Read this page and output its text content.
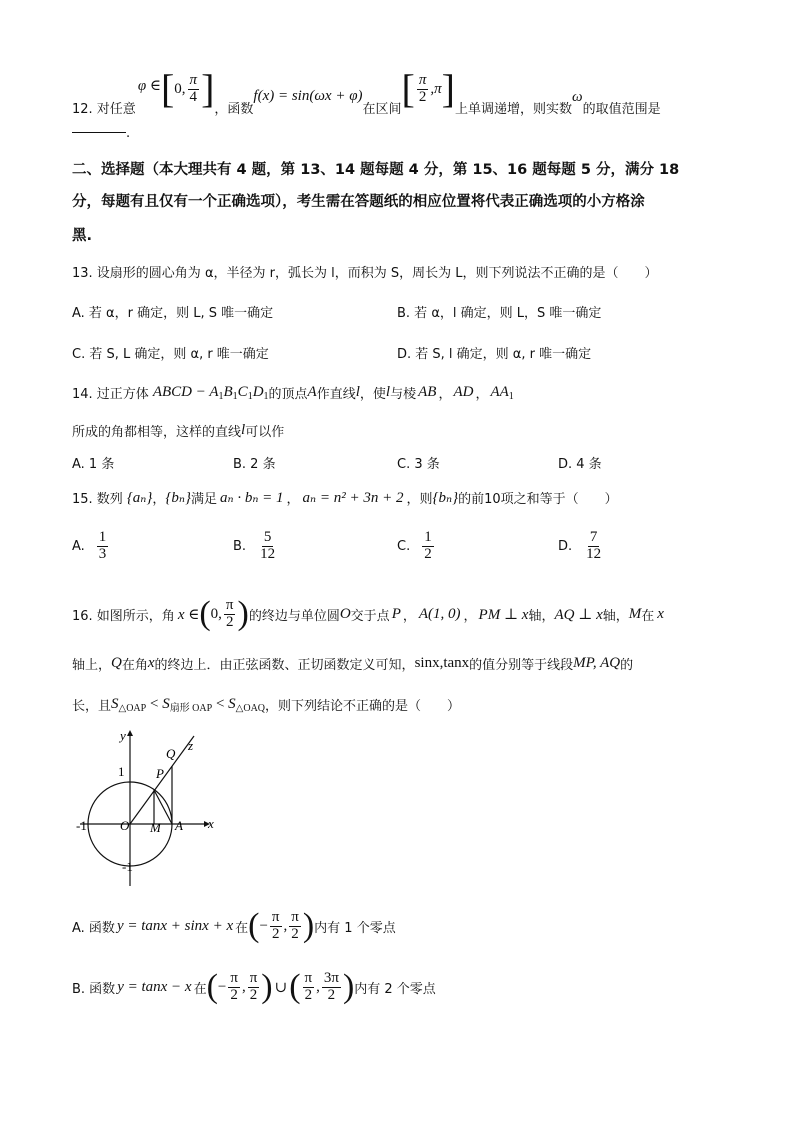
12. 对任意
φ ∈ [ 0, $\frac{\pi}{4}$ ] ，函数
f(x) = sin(ωx + φ)
在区间 [ $\frac{\pi}{2} ,\pi$ ] 上单调递增，则实数
ω
的取值范围是
.
二、选择题（本大理共有 4 题，第 13、14 题每题 4 分，第 15、16 题每题 5 分，满分 18
分，每题有且仅有一个正确选项），考生需在答题纸的相应位置将代表正确选项的小方格涂
黑.
13. 设扇形的圆心角为 α，半径为 r，弧长为 l，而积为 S，周长为 L，则下列说法不正确的是（　　）
A. 若 α，r 确定，则 L, S 唯一确定	B. 若 α，l 确定，则 L，S 唯一确定
C. 若 S, L 确定，则 α, r 唯一确定	D. 若 S, l 确定，则 α, r 唯一确定
14. 过正方体 ABCD − $A_1B_1C_1D_1$ 的顶点 A 作直线 l ，使 l 与棱 AB ， AD ， $AA_1$
所成的角都相等，这样的直线 l 可以作
A. 1 条	B. 2 条	C. 3 条	D. 4 条
15. 数列 {aₙ} ， {bₙ} 满足 aₙ · bₙ = 1 ， aₙ = n² + 3n + 2 ，则 {bₙ} 的前10项之和等于（　　）
A. $\frac{1}{3}$	B. $\frac{5}{12}$	C. $\frac{1}{2}$	D. $\frac{7}{12}$
16. 如图所示，角 x ∈ ( 0, $\frac{\pi}{2}$ ) 的终边与单位圆 O 交于点 P ， A(1, 0) ， PM ⊥ x 轴， AQ ⊥ x 轴， M 在 x
轴上， Q 在角 x 的终边上．由正弦函数、正切函数定义可知， sinx,tanx 的值分别等于线段 MP, AQ 的
长，且 $S_{\triangle OAP} < S_{扇形 OAP} < S_{\triangle OAQ}$ ，则下列结论不正确的是（　　）
y
x
z
1
-1
-1
O M A
P
Q
A. 函数 y = tanx + sinx + x 在 ( − $\frac{\pi}{2}$ , $\frac{\pi}{2}$ ) 内有 1 个零点
B. 函数 y = tanx − x 在 ( − $\frac{\pi}{2}$ , $\frac{\pi}{2}$ ) ∪ ( $\frac{\pi}{2}$ , $\frac{3\pi}{2}$ ) 内有 2 个零点
